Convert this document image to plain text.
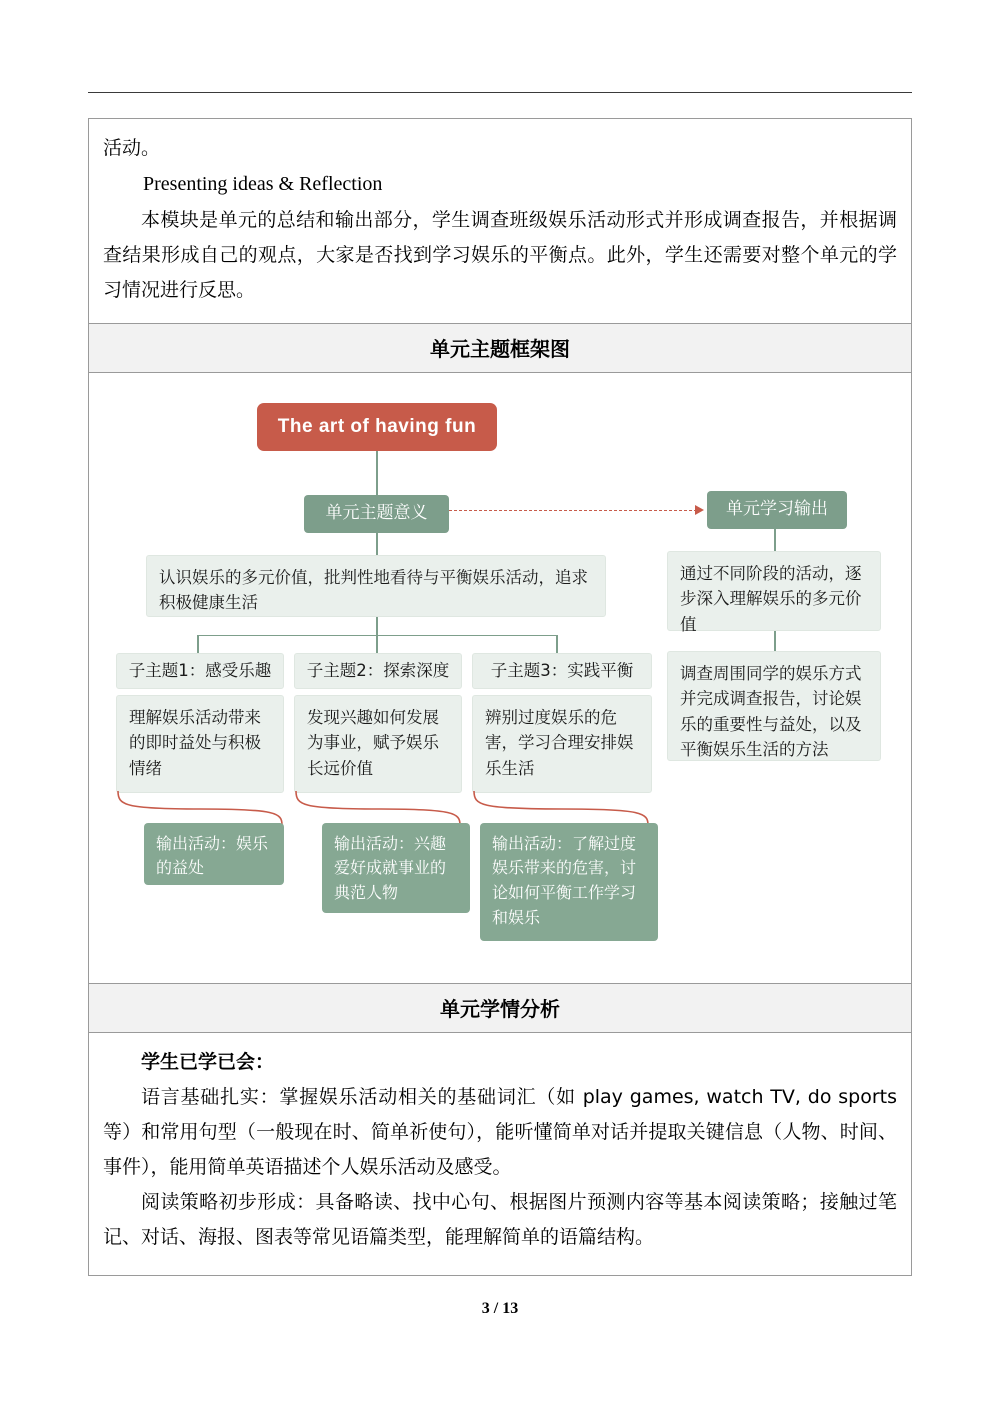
活动。

Presenting ideas & Reflection

本模块是单元的总结和输出部分，学生调查班级娱乐活动形式并形成调查报告，并根据调查结果形成自己的观点，大家是否找到学习娱乐的平衡点。此外，学生还需要对整个单元的学习情况进行反思。

单元主题框架图
The art of having fun
单元主题意义	单元学习输出
认识娱乐的多元价值，批判性地看待与平衡娱乐活动，追求积极健康生活
通过不同阶段的活动，逐步深入理解娱乐的多元价值
调查周围同学的娱乐方式并完成调查报告，讨论娱乐的重要性与益处，以及平衡娱乐生活的方法
子主题1：感受乐趣	子主题2：探索深度	子主题3：实践平衡
理解娱乐活动带来的即时益处与积极情绪
发现兴趣如何发展为事业，赋予娱乐长远价值
辨别过度娱乐的危害，学习合理安排娱乐生活
输出活动：娱乐的益处
输出活动：兴趣爱好成就事业的典范人物
输出活动：了解过度娱乐带来的危害，讨论如何平衡工作学习和娱乐
单元学情分析

学生已学已会：

语言基础扎实：掌握娱乐活动相关的基础词汇（如 play games, watch TV, do sports 等）和常用句型（一般现在时、简单祈使句），能听懂简单对话并提取关键信息（人物、时间、事件），能用简单英语描述个人娱乐活动及感受。

阅读策略初步形成：具备略读、找中心句、根据图片预测内容等基本阅读策略；接触过笔记、对话、海报、图表等常见语篇类型，能理解简单的语篇结构。

3 / 13
